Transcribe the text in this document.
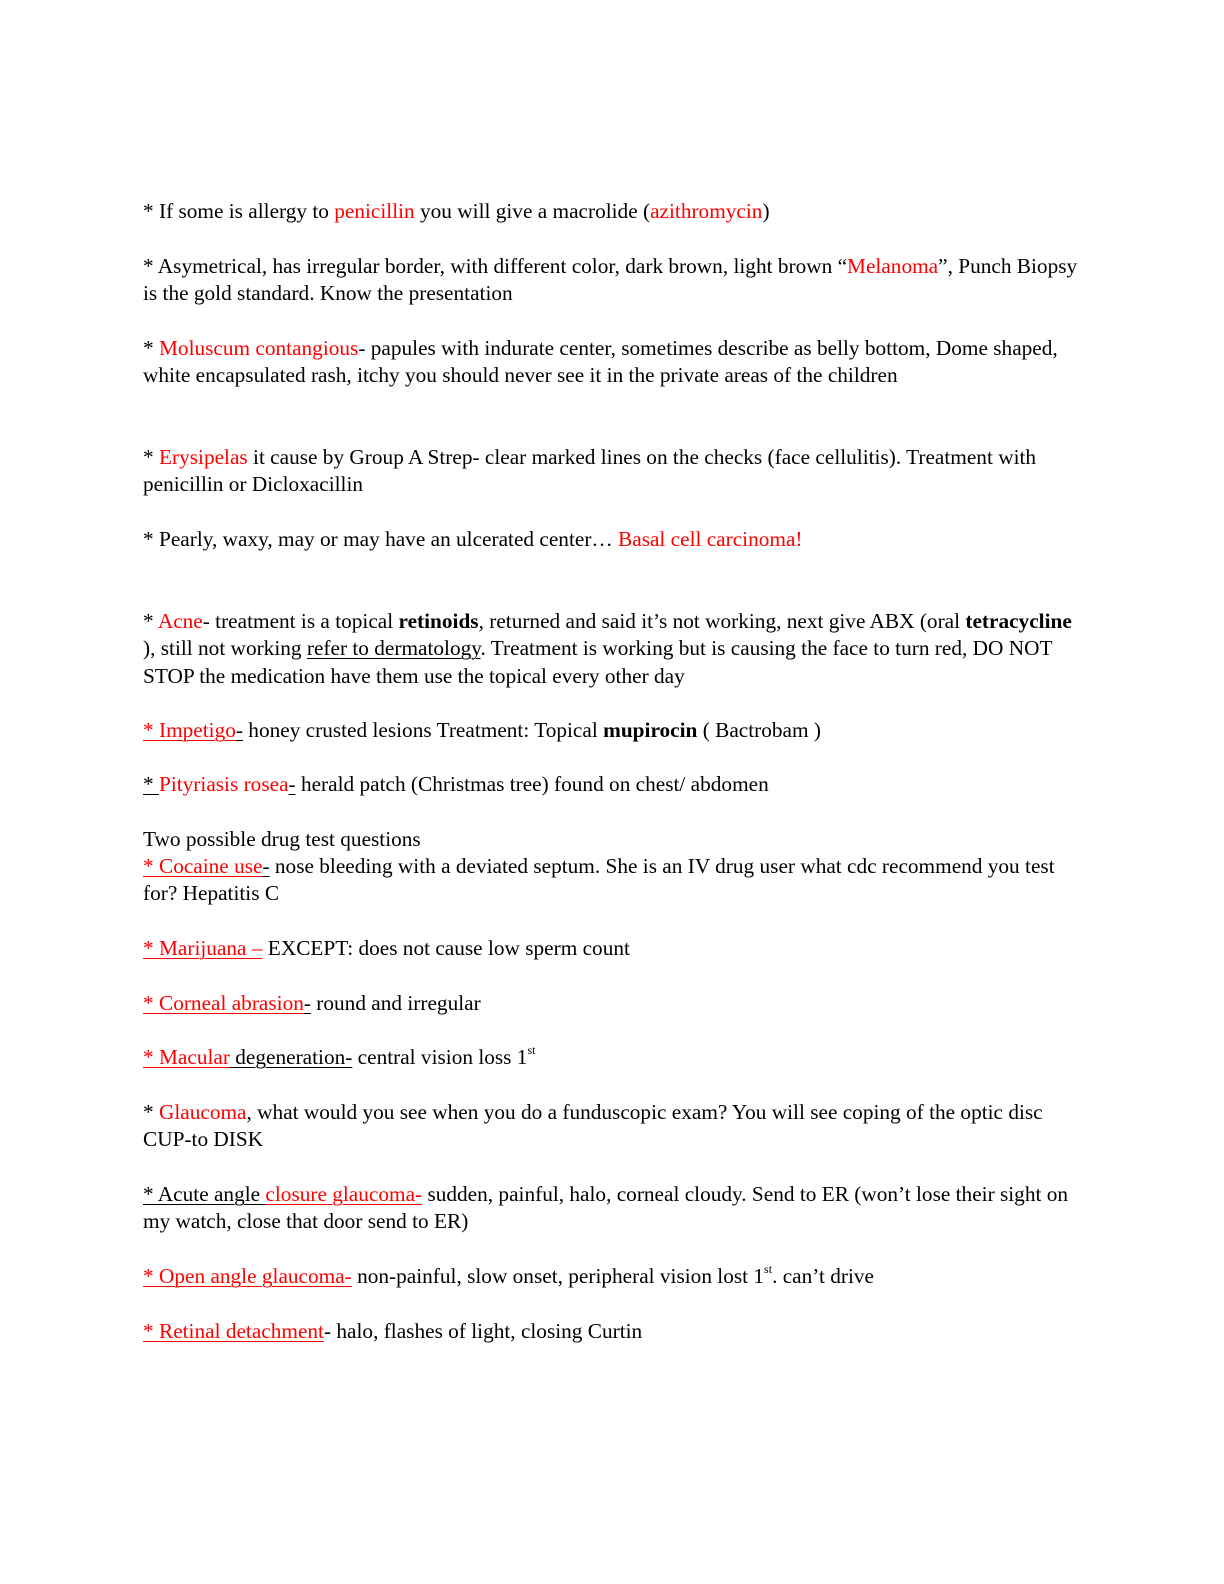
* If some is allergy to penicillin you will give a macrolide (azithromycin)

* Asymetrical, has irregular border, with different color, dark brown, light brown “Melanoma”, Punch Biopsy is the gold standard. Know the presentation

* Moluscum contangious- papules with indurate center, sometimes describe as belly bottom, Dome shaped, white encapsulated rash, itchy you should never see it in the private areas of the children

* Erysipelas it cause by Group A Strep- clear marked lines on the checks (face cellulitis). Treatment with penicillin or Dicloxacillin

* Pearly, waxy, may or may have an ulcerated center… Basal cell carcinoma!

* Acne- treatment is a topical retinoids, returned and said it’s not working, next give ABX (oral tetracycline ), still not working refer to dermatology. Treatment is working but is causing the face to turn red, DO NOT STOP the medication have them use the topical every other day

* Impetigo- honey crusted lesions Treatment: Topical mupirocin ( Bactrobam )

* Pityriasis rosea- herald patch (Christmas tree) found on chest/ abdomen

Two possible drug test questions

* Cocaine use- nose bleeding with a deviated septum. She is an IV drug user what cdc recommend you test for? Hepatitis C

* Marijuana – EXCEPT: does not cause low sperm count

* Corneal abrasion- round and irregular

* Macular degeneration- central vision loss 1st

* Glaucoma, what would you see when you do a funduscopic exam? You will see coping of the optic disc CUP-to DISK

* Acute angle closure glaucoma- sudden, painful, halo, corneal cloudy. Send to ER (won’t lose their sight on my watch, close that door send to ER)

* Open angle glaucoma- non-painful, slow onset, peripheral vision lost 1st. can’t drive

* Retinal detachment- halo, flashes of light, closing Curtin
